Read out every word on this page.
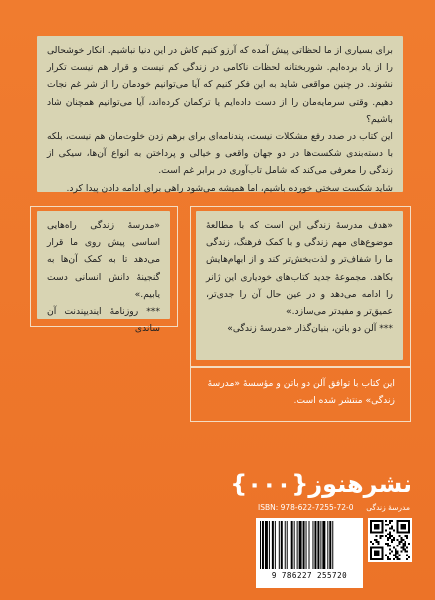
برای بسیاری از ما لحظاتی پیش آمده که آرزو کنیم کاش در این دنیا نباشیم. انکار خوشحالی را از یاد برده‌ایم. شوربختانه لحظات ناکامی در زندگی کم نیست و قرار هم نیست تکرار نشوند. در چنین مواقعی شاید به این فکر کنیم که آیا می‌توانیم خودمان را از شر غم نجات دهیم. وقتی سرمایه‌مان را از دست داده‌ایم یا ترکمان کرده‌اند، آیا می‌توانیم همچنان شاد باشیم؟

این کتاب در صدد رفع مشکلات نیست، پندنامه‌ای برای برهم زدن خلوت‌مان هم نیست، بلکه با دسته‌بندی شکست‌ها در دو جهان واقعی و خیالی و پرداختن به انواع آن‌ها، سیکی از زندگی را معرفی می‌کند که شامل تاب‌آوری در برابر غم است.

شاید شکست سختی خورده باشیم، اما همیشه می‌شود راهی برای ادامه دادن پیدا کرد.

«مدرسهٔ زندگی راه‌هایی اساسی پیش روی ما قرار می‌دهد تا به کمک آن‌ها به گنجینهٔ دانش انسانی دست یابیم.»

*** روزنامهٔ ایندیپندنت آن ساندی

«هدف مدرسهٔ زندگی این است که با مطالعهٔ موضوع‌های مهم زندگی و با کمک فرهنگ، زندگی ما را شفاف‌تر و لذت‌بخش‌تر کند و از ابهام‌هایش بکاهد. مجموعهٔ جدید کتاب‌های خودیاری این ژانر را ادامه می‌دهد و در عین حال آن را جدی‌تر، عمیق‌تر و مفیدتر می‌سازد.»

*** آلن دو باتن، بنیان‌گذار «مدرسهٔ زندگی»

این کتاب با توافق آلن دو باتن و مؤسسهٔ «مدرسهٔ زندگی» منتشر شده است.
نشرهنوز{۰۰۰}
مدرسهٔ زندگی
ISBN: 978-622-7255-72-0
9 786227 255720
